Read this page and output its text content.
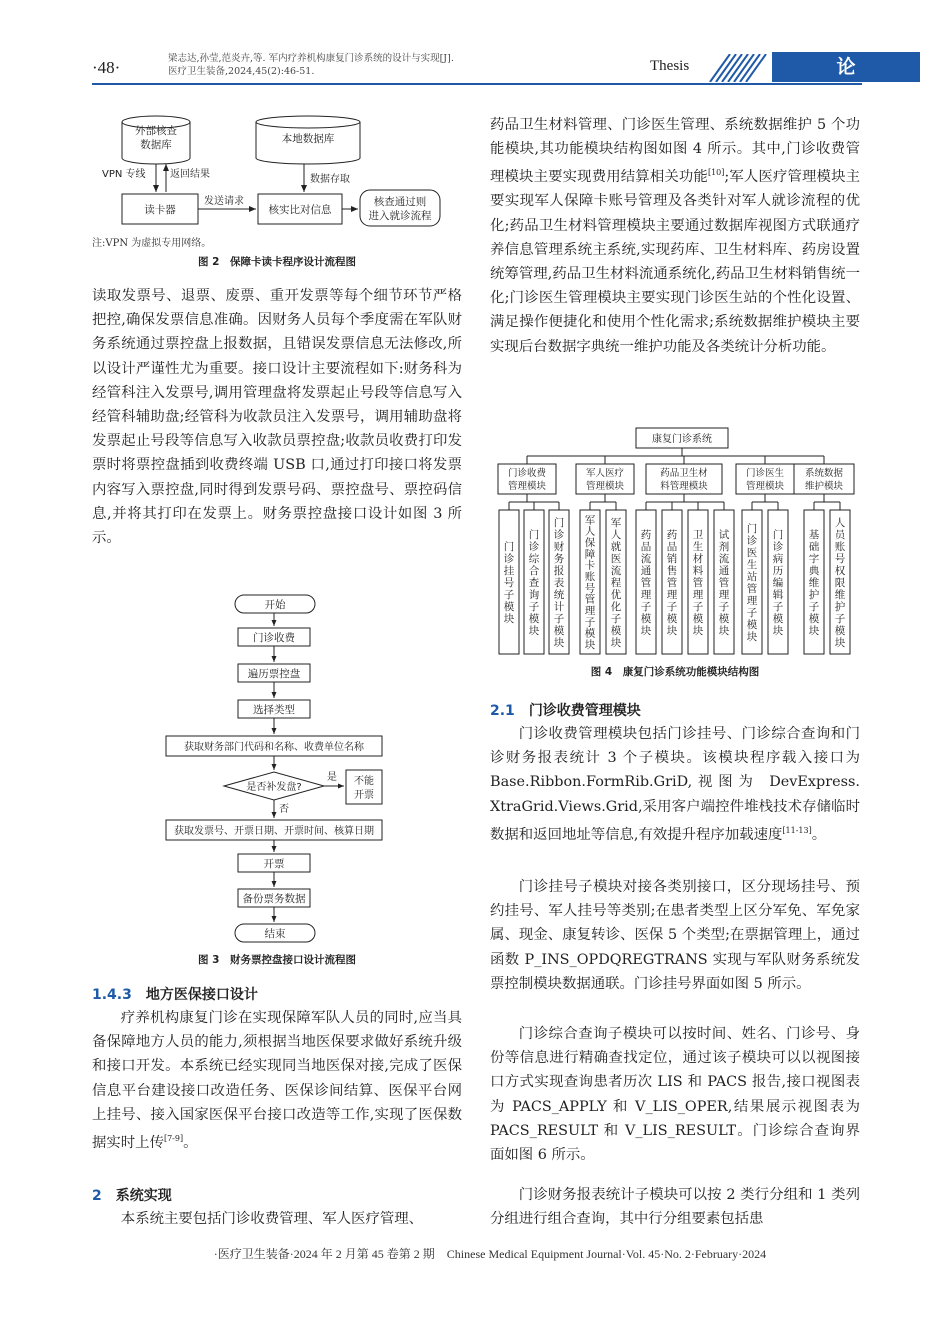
·48·	梁志达,孙莹,范炎卉,等. 军内疗养机构康复门诊系统的设计与实现[J].
医疗卫生装备,2024,45(2):46-51.	Thesis	论 著
外部核查
数据库	本地数据库
VPN 专线 返回结果	数据存取
发送请求
读卡器	核实比对信息
核查通过则
进入就诊流程
注:VPN 为虚拟专用网络。
图 2　保障卡读卡程序设计流程图
读取发票号、退票、废票、重开发票等每个细节环节严格把控,确保发票信息准确。因财务人员每个季度需在军队财务系统通过票控盘上报数据，且错误发票信息无法修改,所以设计严谨性尤为重要。接口设计主要流程如下:财务科为经管科注入发票号,调用管理盘将发票起止号段等信息写入经管科辅助盘;经管科为收款员注入发票号，调用辅助盘将发票起止号段等信息写入收款员票控盘;收款员收费打印发票时将票控盘插到收费终端 USB 口,通过打印接口将发票内容写入票控盘,同时得到发票号码、票控盘号、票控码信息,并将其打印在发票上。财务票控盘接口设计如图 3 所示。
开始
门诊收费
遍历票控盘
选择类型
获取财务部门代码和名称、收费单位名称
是否补发盘?
是
否
不能
开票
获取发票号、开票日期、开票时间、核算日期
开票
备份票务数据
结束
图 3　财务票控盘接口设计流程图
1.4.3 地方医保接口设计
疗养机构康复门诊在实现保障军队人员的同时,应当具备保障地方人员的能力,须根据当地医保要求做好系统升级和接口开发。本系统已经实现同当地医保对接,完成了医保信息平台建设接口改造任务、医保诊间结算、医保平台网上挂号、接入国家医保平台接口改造等工作,实现了医保数据实时上传[7-9]。
2 系统实现
本系统主要包括门诊收费管理、军人医疗管理、
药品卫生材料管理、门诊医生管理、系统数据维护 5 个功能模块,其功能模块结构图如图 4 所示。其中,门诊收费管理模块主要实现费用结算相关功能[10];军人医疗管理模块主要实现军人保障卡账号管理及各类针对军人就诊流程的优化;药品卫生材料管理模块主要通过数据库视图方式联通疗养信息管理系统主系统,实现药库、卫生材料库、药房设置统筹管理,药品卫生材料流通系统化,药品卫生材料销售统一化;门诊医生管理模块主要实现门诊医生站的个性化设置、满足操作便捷化和使用个性化需求;系统数据维护模块主要实现后台数据字典统一维护功能及各类统计分析功能。
康复门诊系统
门诊收费
管理模块
门
诊
挂
号
子
模
块
门
诊
综
合
查
询
子
模
块
门
诊
财
务
报
表
统
计
子
模
块
军人医疗
管理模块
军
人
保
障
卡
账
号
管
理
子
模
块
军
人
就
医
流
程
优
化
子
模
块
药品卫生材
料管理模块
药
品
流
通
管
理
子
模
块
药
品
销
售
管
理
子
模
块
卫
生
材
料
管
理
子
模
块
试
剂
流
通
管
理
子
模
块
门诊医生
管理模块
门
诊
医
生
站
管
理
子
模
块
门
诊
病
历
编
辑
子
模
块
系统数据
维护模块
基
础
字
典
维
护
子
模
块
人
员
账
号
权
限
维
护
子
模
块
图 4　康复门诊系统功能模块结构图
2.1 门诊收费管理模块
门诊收费管理模块包括门诊挂号、门诊综合查询和门诊财务报表统计 3 个子模块。该模块程序载入接口为 Base.Ribbon.FormRib.GriD,视图为 DevExpress. XtraGrid.Views.Grid,采用客户端控件堆栈技术存储临时数据和返回地址等信息,有效提升程序加载速度[11-13]。
门诊挂号子模块对接各类别接口，区分现场挂号、预约挂号、军人挂号等类别;在患者类型上区分军免、军免家属、现金、康复转诊、医保 5 个类型;在票据管理上，通过函数 P_INS_OPDQREGTRANS 实现与军队财务系统发票控制模块数据通联。门诊挂号界面如图 5 所示。
门诊综合查询子模块可以按时间、姓名、门诊号、身份等信息进行精确查找定位，通过该子模块可以以视图接口方式实现查询患者历次 LIS 和 PACS 报告,接口视图表为 PACS_APPLY 和 V_LIS_OPER,结果展示视图表为 PACS_RESULT 和 V_LIS_RESULT。门诊综合查询界面如图 6 所示。
门诊财务报表统计子模块可以按 2 类行分组和 1 类列分组进行组合查询，其中行分组要素包括患
·医疗卫生装备·2024 年 2 月第 45 卷第 2 期　Chinese Medical Equipment Journal·Vol. 45·No. 2·February·2024
